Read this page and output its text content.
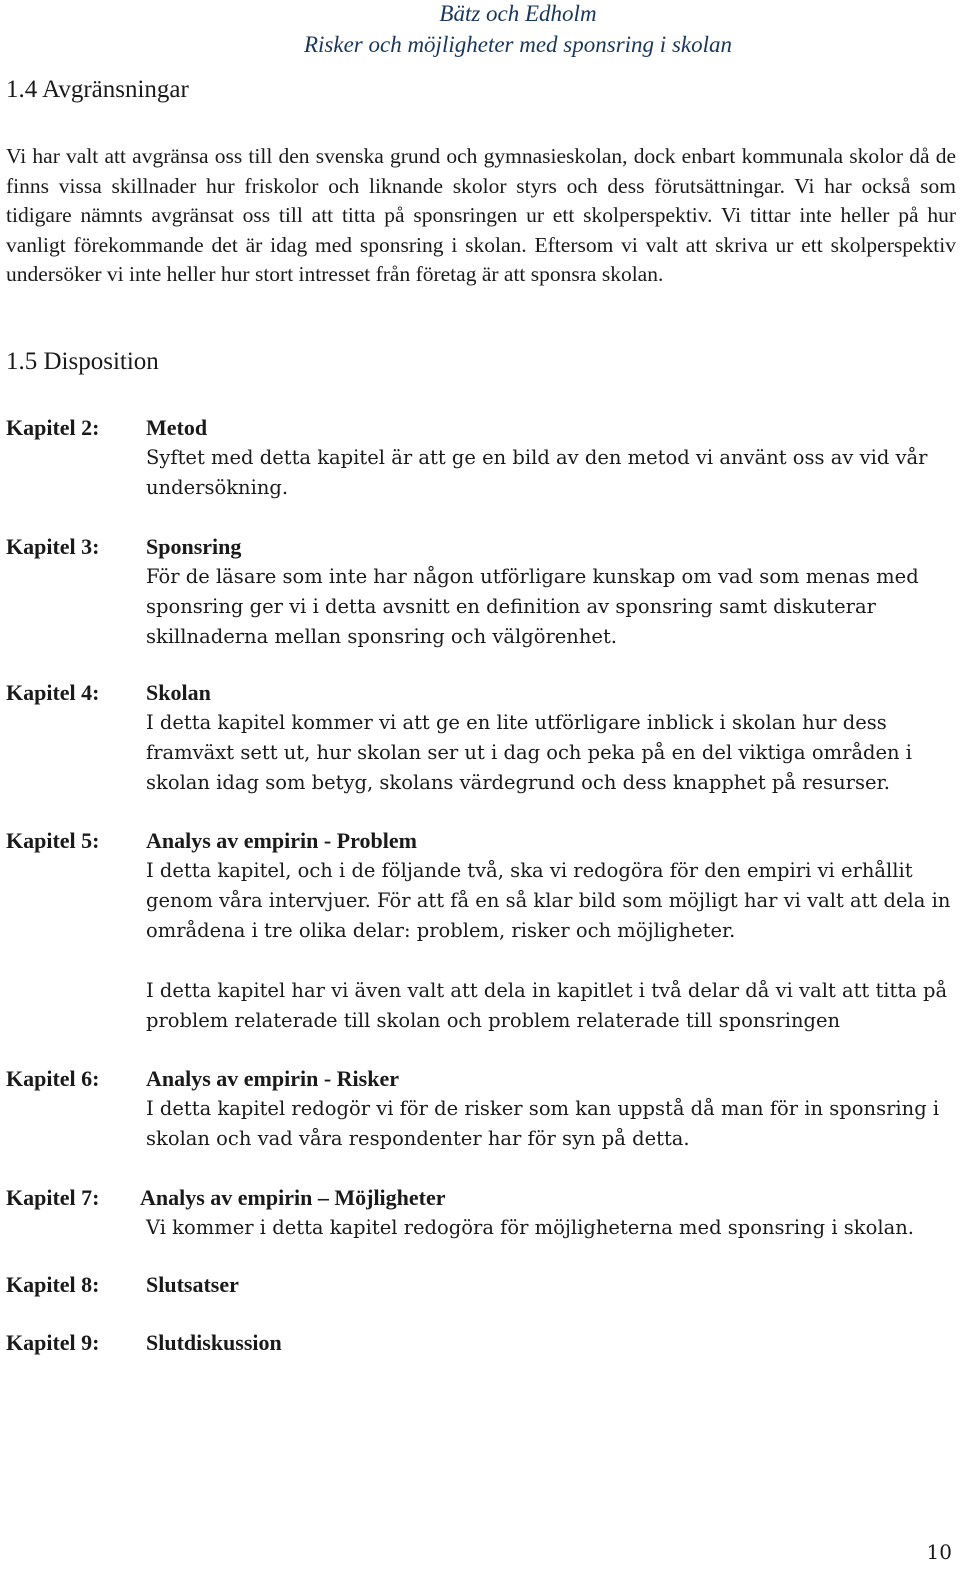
Bätz och Edholm
Risker och möjligheter med sponsring i skolan
1.4 Avgränsningar

Vi har valt att avgränsa oss till den svenska grund och gymnasieskolan, dock enbart kommunala skolor då de finns vissa skillnader hur friskolor och liknande skolor styrs och dess förutsättningar. Vi har också som tidigare nämnts avgränsat oss till att titta på sponsringen ur ett skolperspektiv. Vi tittar inte heller på hur vanligt förekommande det är idag med sponsring i skolan. Eftersom vi valt att skriva ur ett skolperspektiv undersöker vi inte heller hur stort intresset från företag är att sponsra skolan.

1.5 Disposition
Kapitel 2: Metod

Syftet med detta kapitel är att ge en bild av den metod vi använt oss av vid vår undersökning.

Kapitel 3: Sponsring

För de läsare som inte har någon utförligare kunskap om vad som menas med sponsring ger vi i detta avsnitt en definition av sponsring samt diskuterar skillnaderna mellan sponsring och välgörenhet.

Kapitel 4: Skolan

I detta kapitel kommer vi att ge en lite utförligare inblick i skolan hur dess framväxt sett ut, hur skolan ser ut i dag och peka på en del viktiga områden i skolan idag som betyg, skolans värdegrund och dess knapphet på resurser.

Kapitel 5: Analys av empirin - Problem

I detta kapitel, och i de följande två, ska vi redogöra för den empiri vi erhållit genom våra intervjuer. För att få en så klar bild som möjligt har vi valt att dela in områdena i tre olika delar: problem, risker och möjligheter.

I detta kapitel har vi även valt att dela in kapitlet i två delar då vi valt att titta på problem relaterade till skolan och problem relaterade till sponsringen

Kapitel 6: Analys av empirin - Risker

I detta kapitel redogör vi för de risker som kan uppstå då man för in sponsring i skolan och vad våra respondenter har för syn på detta.

Kapitel 7: Analys av empirin – Möjligheter

Vi kommer i detta kapitel redogöra för möjligheterna med sponsring i skolan.

Kapitel 8: Slutsatser
Kapitel 9: Slutdiskussion
10
